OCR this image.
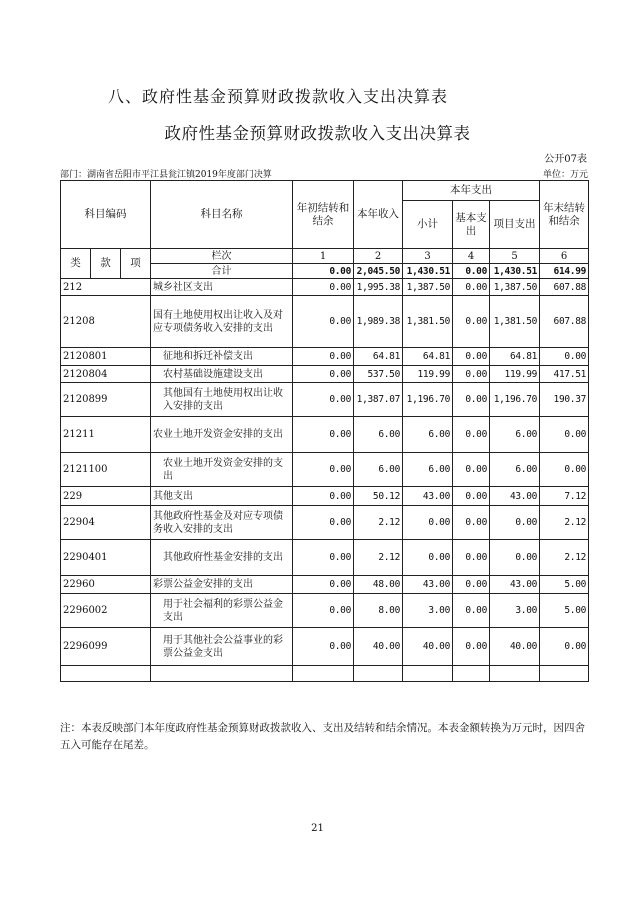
八、政府性基金预算财政拨款收入支出决算表
政府性基金预算财政拨款收入支出决算表
公开07表
部门：湖南省岳阳市平江县瓮江镇2019年度部门决算	单位：万元
科目编码			科目名称	年初结转和结余	本年收入	本年支出			年末结转和结余
						小计	基本支出	项目支出	

类	款	项	栏次	1	2	3	4	5	6
			合计	0.00	2,045.50	1,430.51	0.00	1,430.51	614.99
212			城乡社区支出	0.00	1,995.38	1,387.50	0.00	1,387.50	607.88
21208			国有土地使用权出让收入及对应专项债务收入安排的支出	0.00	1,989.38	1,381.50	0.00	1,381.50	607.88
2120801			征地和拆迁补偿支出	0.00	64.81	64.81	0.00	64.81	0.00
2120804			农村基础设施建设支出	0.00	537.50	119.99	0.00	119.99	417.51
2120899			其他国有土地使用权出让收入安排的支出	0.00	1,387.07	1,196.70	0.00	1,196.70	190.37
21211			农业土地开发资金安排的支出	0.00	6.00	6.00	0.00	6.00	0.00
2121100			农业土地开发资金安排的支出	0.00	6.00	6.00	0.00	6.00	0.00
229			其他支出	0.00	50.12	43.00	0.00	43.00	7.12
22904			其他政府性基金及对应专项债务收入安排的支出	0.00	2.12	0.00	0.00	0.00	2.12
2290401			其他政府性基金安排的支出	0.00	2.12	0.00	0.00	0.00	2.12
22960			彩票公益金安排的支出	0.00	48.00	43.00	0.00	43.00	5.00
2296002			用于社会福利的彩票公益金支出	0.00	8.00	3.00	0.00	3.00	5.00
2296099			用于其他社会公益事业的彩票公益金支出	0.00	40.00	40.00	0.00	40.00	0.00

注：本表反映部门本年度政府性基金预算财政拨款收入、支出及结转和结余情况。本表金额转换为万元时，因四舍五入可能存在尾差。
21
